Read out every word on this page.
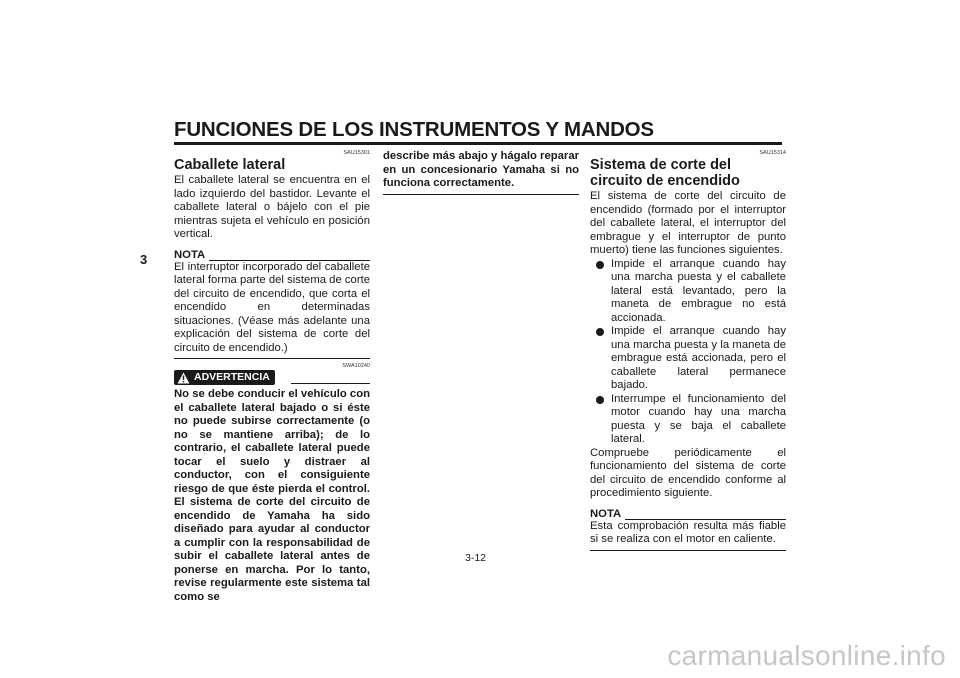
FUNCIONES DE LOS INSTRUMENTOS Y MANDOS
3
SAU15301
Caballete lateral
El caballete lateral se encuentra en el lado izquierdo del bastidor. Levante el caballete lateral o bájelo con el pie mientras sujeta el vehículo en posición vertical.
NOTA
El interruptor incorporado del caballete lateral forma parte del sistema de corte del circuito de encendido, que corta el encendido en determinadas situaciones. (Véase más adelante una explicación del sistema de corte del circuito de encendido.)
SWA10240
ADVERTENCIA
No se debe conducir el vehículo con el caballete lateral bajado o si éste no puede subirse correctamente (o no se mantiene arriba); de lo contrario, el caballete lateral puede tocar el suelo y distraer al conductor, con el consiguiente riesgo de que éste pierda el control. El sistema de corte del circuito de encendido de Yamaha ha sido diseñado para ayudar al conductor a cumplir con la responsabilidad de subir el caballete lateral antes de ponerse en marcha. Por lo tanto, revise regularmente este sistema tal como se
describe más abajo y hágalo reparar en un concesionario Yamaha si no funciona correctamente.
SAU15314
Sistema de corte del circuito de encendido
El sistema de corte del circuito de encendido (formado por el interruptor del caballete lateral, el interruptor del embrague y el interruptor de punto muerto) tiene las funciones siguientes.
Impide el arranque cuando hay una marcha puesta y el caballete lateral está levantado, pero la maneta de embrague no está accionada.
Impide el arranque cuando hay una marcha puesta y la maneta de embrague está accionada, pero el caballete lateral permanece bajado.
Interrumpe el funcionamiento del motor cuando hay una marcha puesta y se baja el caballete lateral.
Compruebe periódicamente el funcionamiento del sistema de corte del circuito de encendido conforme al procedimiento siguiente.
NOTA
Esta comprobación resulta más fiable si se realiza con el motor en caliente.
3-12
carmanualsonline.info
